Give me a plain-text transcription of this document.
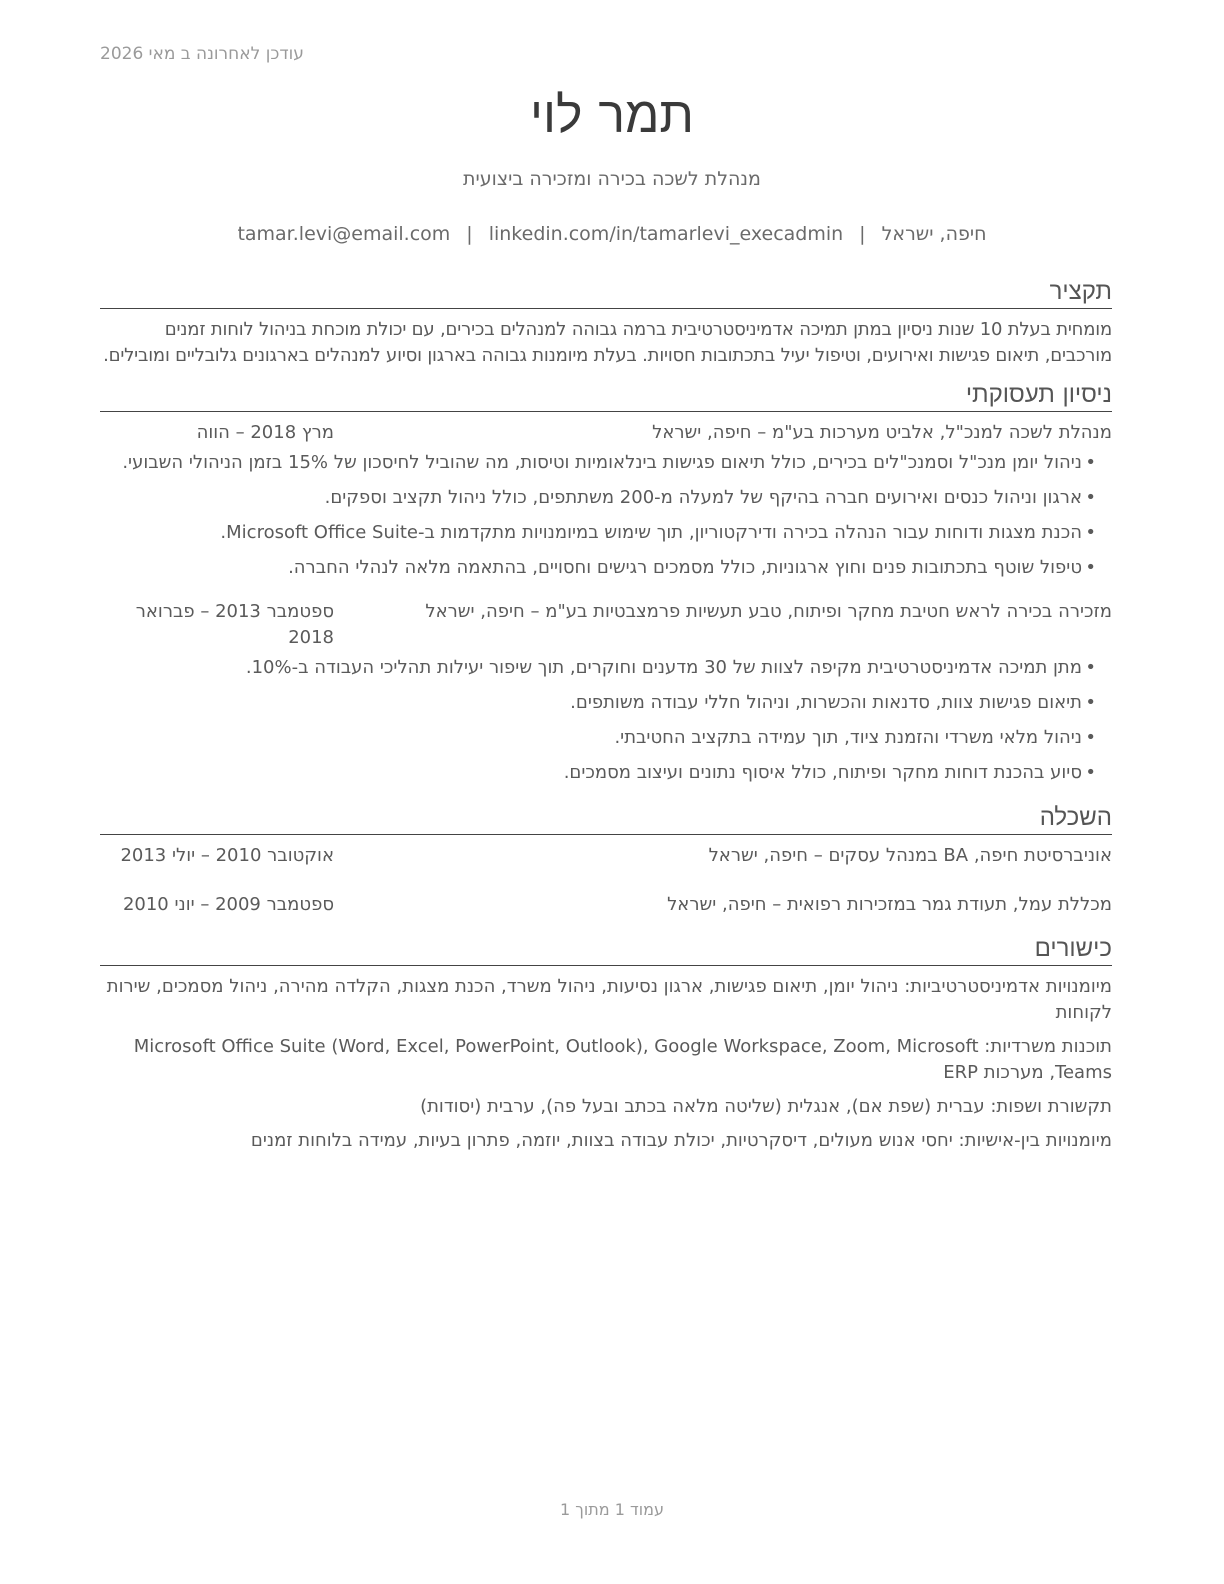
עודכן לאחרונה ב מאי 2026
תמר לוי
מנהלת לשכה בכירה ומזכירה ביצועית
חיפה, ישראל|tamar.levi@email.com | linkedin.com/in/tamarlevi_execadmin
תקציר

מומחית בעלת 10 שנות ניסיון במתן תמיכה אדמיניסטרטיבית ברמה גבוהה למנהלים בכירים, עם יכולת מוכחת בניהול לוחות זמנים מורכבים, תיאום פגישות ואירועים, וטיפול יעיל בתכתובות חסויות. בעלת מיומנות גבוהה בארגון וסיוע למנהלים בארגונים גלובליים ומובילים.

ניסיון תעסוקתי
מנהלת לשכה למנכ"ל, אלביט מערכות בע"מ – חיפה, ישראל
מרץ 2018 – הווה
• ניהול יומן מנכ"ל וסמנכ"לים בכירים, כולל תיאום פגישות בינלאומיות וטיסות, מה שהוביל לחיסכון של 15% בזמן הניהולי השבועי.
• ארגון וניהול כנסים ואירועים חברה בהיקף של למעלה מ-200 משתתפים, כולל ניהול תקציב וספקים.
• הכנת מצגות ודוחות עבור הנהלה בכירה ודירקטוריון, תוך שימוש במיומנויות מתקדמות ב-Microsoft Office Suite.
• טיפול שוטף בתכתובות פנים וחוץ ארגוניות, כולל מסמכים רגישים וחסויים, בהתאמה מלאה לנהלי החברה.
מזכירה בכירה לראש חטיבת מחקר ופיתוח, טבע תעשיות פרמצבטיות בע"מ – חיפה, ישראל
ספטמבר 2013 – פברואר 2018
• מתן תמיכה אדמיניסטרטיבית מקיפה לצוות של 30 מדענים וחוקרים, תוך שיפור יעילות תהליכי העבודה ב-10%.
• תיאום פגישות צוות, סדנאות והכשרות, וניהול חללי עבודה משותפים.
• ניהול מלאי משרדי והזמנת ציוד, תוך עמידה בתקציב החטיבתי.
• סיוע בהכנת דוחות מחקר ופיתוח, כולל איסוף נתונים ועיצוב מסמכים.
השכלה
אוניברסיטת חיפה, BA במנהל עסקים – חיפה, ישראל
אוקטובר 2010 – יולי 2013
מכללת עמל, תעודת גמר במזכירות רפואית – חיפה, ישראל
ספטמבר 2009 – יוני 2010
כישורים
מיומנויות אדמיניסטרטיביות: ניהול יומן, תיאום פגישות, ארגון נסיעות, ניהול משרד, הכנת מצגות, הקלדה מהירה, ניהול מסמכים, שירות לקוחות
תוכנות משרדיות: Microsoft Office Suite (Word, Excel, PowerPoint, Outlook), Google Workspace, Zoom, Microsoft Teams, מערכות ERP
תקשורת ושפות: עברית (שפת אם), אנגלית (שליטה מלאה בכתב ובעל פה), ערבית (יסודות)
מיומנויות בין-אישיות: יחסי אנוש מעולים, דיסקרטיות, יכולת עבודה בצוות, יוזמה, פתרון בעיות, עמידה בלוחות זמנים
עמוד 1 מתוך 1
